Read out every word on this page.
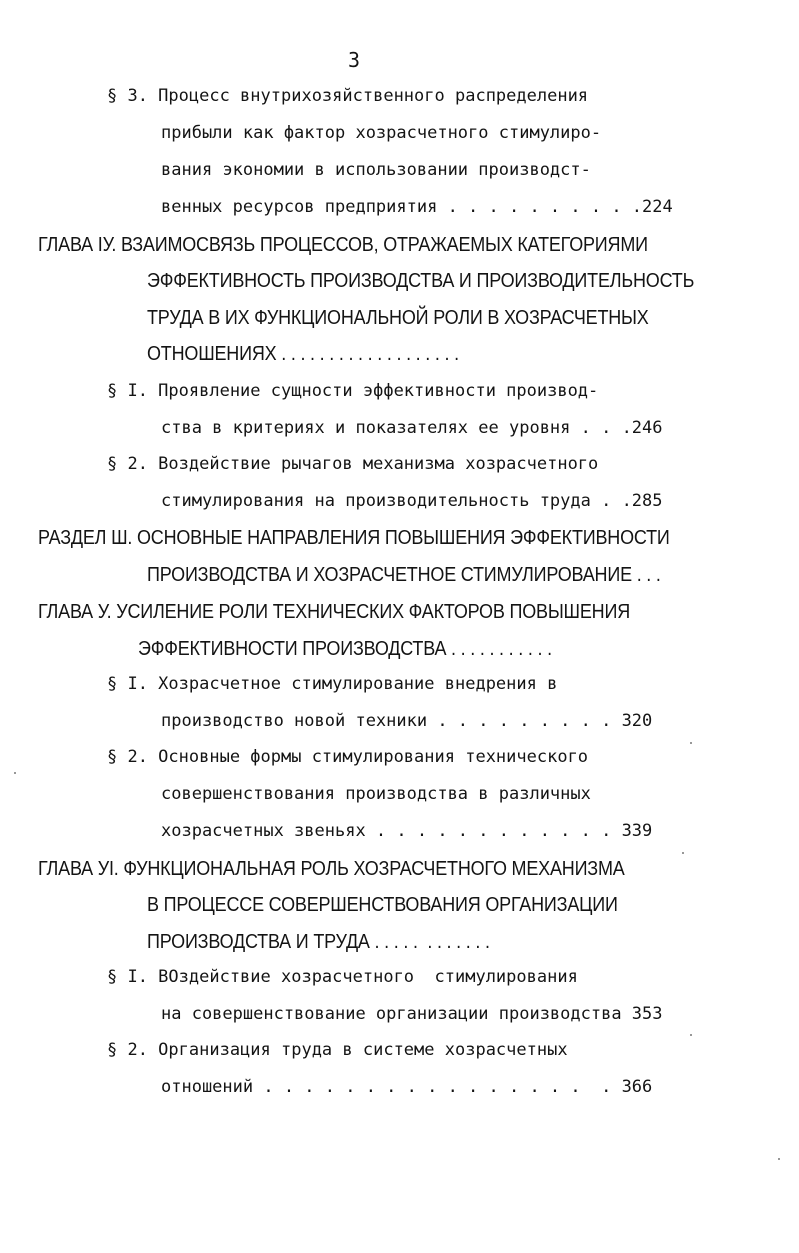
3
§ 3. Процесс внутрихозяйственного распределения
прибыли как фактор хозрасчетного стимулиро-
вания экономии в использовании производст-
венных ресурсов предприятия . . . . . . . . . .224
ГЛАВА IУ. ВЗАИМОСВЯЗЬ ПРОЦЕССОВ, ОТРАЖАЕМЫХ КАТЕГОРИЯМИ
ЭФФЕКТИВНОСТЬ ПРОИЗВОДСТВА И ПРОИЗВОДИТЕЛЬНОСТЬ
ТРУДА В ИХ ФУНКЦИОНАЛЬНОЙ РОЛИ В ХОЗРАСЧЕТНЫХ
ОТНОШЕНИЯХ . . . . . . . . . . . . . . . . . . .
§ I. Проявление сущности эффективности производ-
ства в критериях и показателях ее уровня . . .246
§ 2. Воздействие рычагов механизма хозрасчетного
стимулирования на производительность труда . .285
РАЗДЕЛ Ш. ОСНОВНЫЕ НАПРАВЛЕНИЯ ПОВЫШЕНИЯ ЭФФЕКТИВНОСТИ
ПРОИЗВОДСТВА И ХОЗРАСЧЕТНОЕ СТИМУЛИРОВАНИЕ . . .
ГЛАВА У. УСИЛЕНИЕ РОЛИ ТЕХНИЧЕСКИХ ФАКТОРОВ ПОВЫШЕНИЯ
ЭФФЕКТИВНОСТИ ПРОИЗВОДСТВА . . . . . . . . . . .
§ I. Хозрасчетное стимулирование внедрения в
производство новой техники . . . . . . . . . 320
§ 2. Основные формы стимулирования технического
совершенствования производства в различных
хозрасчетных звеньях . . . . . . . . . . . . 339
ГЛАВА УI. ФУНКЦИОНАЛЬНАЯ РОЛЬ ХОЗРАСЧЕТНОГО МЕХАНИЗМА
В ПРОЦЕССЕ СОВЕРШЕНСТВОВАНИЯ ОРГАНИЗАЦИИ
ПРОИЗВОДСТВА И ТРУДА . . . . .  . . . . . . .
§ I. ВОздействие хозрасчетного  стимулирования
на совершенствование организации производства 353
§ 2. Организация труда в системе хозрасчетных
отношений . . . . . . . . . . . . . . . .  . 366
